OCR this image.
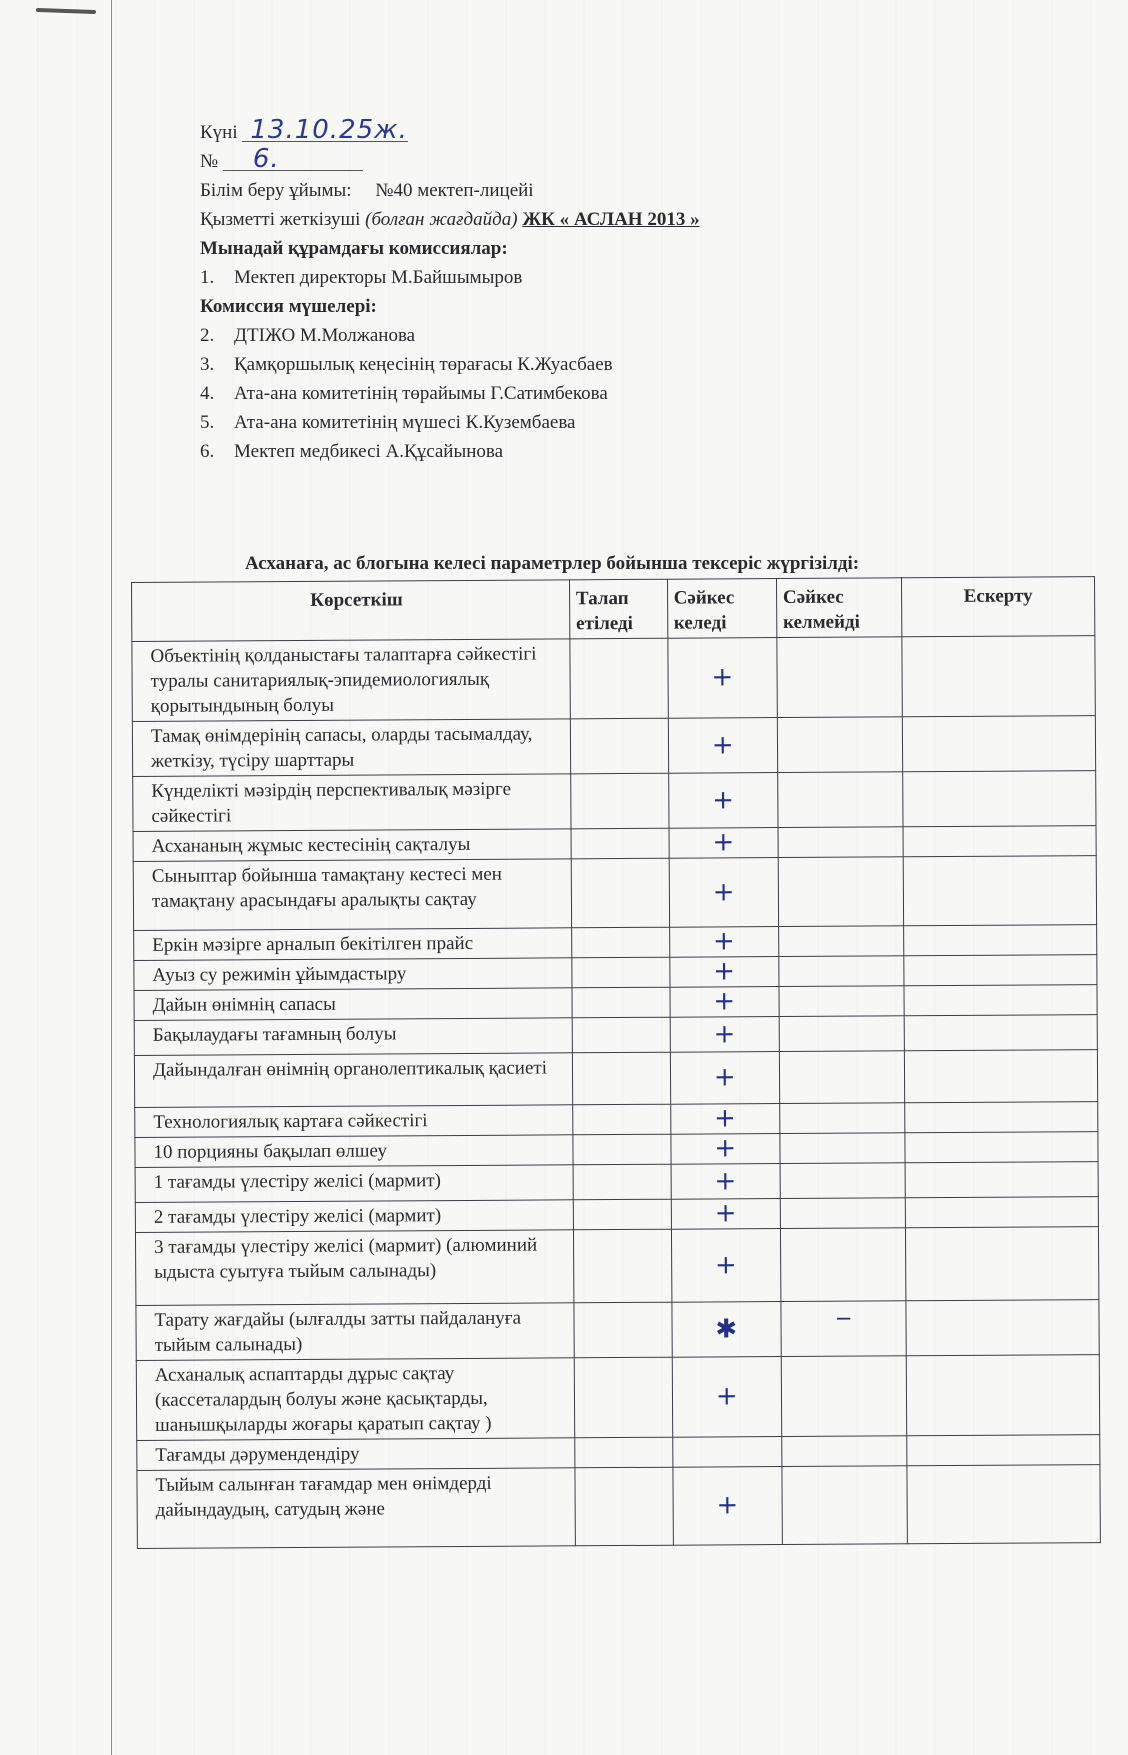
Күні 13.10.25ж.
№ 6.
Білім беру ұйымы: №40 мектеп-лицейі
Қызметті жеткізуші (болған жағдайда) ЖК « АСЛАН 2013 »
Мынадай құрамдағы комиссиялар:
1. Мектеп директоры М.Байшымыров
Комиссия мүшелері:
2. ДТІЖО М.Молжанова
3. Қамқоршылық кеңесінің төрағасы К.Жуасбаев
4. Ата-ана комитетінің төрайымы Г.Сатимбекова
5. Ата-ана комитетінің мүшесі К.Кузембаева
6. Мектеп медбикесі А.Құсайынова
Асханаға, ас блогына келесі параметрлер бойынша тексеріс жүргізілді:
Көрсеткіш	Талап етіледі	Сәйкес келеді	Сәйкес келмейді	Ескерту
Объектінің қолданыстағы талаптарға сәйкестігі туралы санитариялық-эпидемиологиялық қорытындының болуы		+		
Тамақ өнімдерінің сапасы, оларды тасымалдау, жеткізу, түсіру шарттары		+		
Күнделікті мәзірдің перспективалық мәзірге сәйкестігі		+		
Асхананың жұмыс кестесінің сақталуы		+		
Сыныптар бойынша тамақтану кестесі мен тамақтану арасындағы аралықты сақтау		+		
Еркін мәзірге арналып бекітілген прайс		+		
Ауыз су режимін ұйымдастыру		+		
Дайын өнімнің сапасы		+		
Бақылаудағы тағамның болуы		+		
Дайындалған өнімнің органолептикалық қасиеті		+		
Технологиялық картаға сәйкестігі		+		
10 порцияны бақылап өлшеу		+		
1 тағамды үлестіру желісі (мармит)		+		
2 тағамды үлестіру желісі (мармит)		+		
3 тағамды үлестіру желісі (мармит) (алюминий ыдыста суытуға тыйым салынады)		+		
Тарату жағдайы (ылғалды затты пайдалануға тыйым салынады)		✱	–	
Асханалық аспаптарды дұрыс сақтау (кассеталардың болуы және қасықтарды, шанышқыларды жоғары қаратып сақтау )		+		
Тағамды дәрумендендіру				
Тыйым салынған тағамдар мен өнімдерді дайындаудың, сатудың және		+		
